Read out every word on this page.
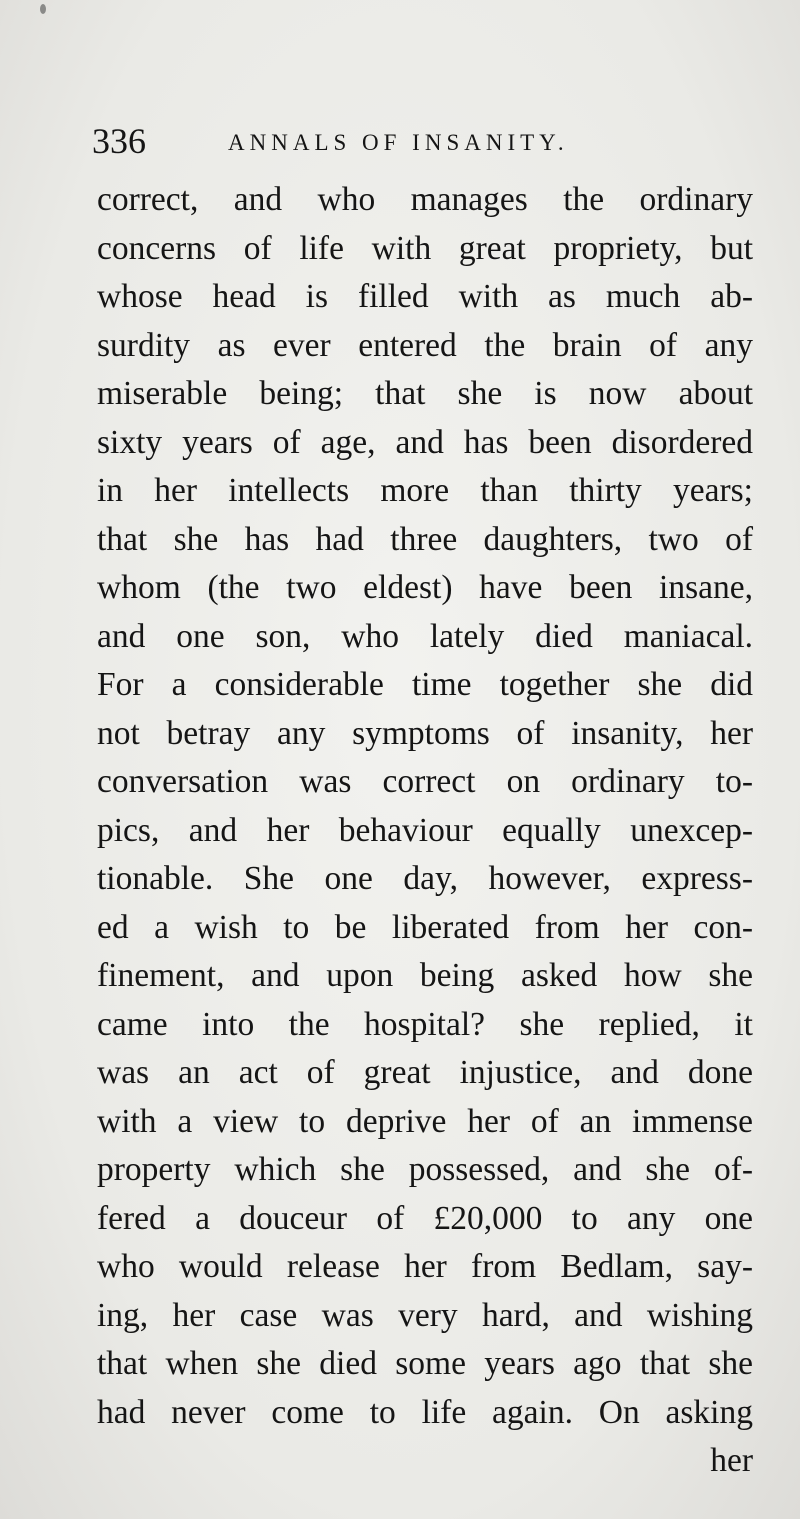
336	ANNALS OF INSANITY.
correct, and who manages the ordinary
concerns of life with great propriety, but
whose head is filled with as much ab-
surdity as ever entered the brain of any
miserable being; that she is now about
sixty years of age, and has been disordered
in her intellects more than thirty years;
that she has had three daughters, two of
whom (the two eldest) have been insane,
and one son, who lately died maniacal.
For a considerable time together she did
not betray any symptoms of insanity, her
conversation was correct on ordinary to-
pics, and her behaviour equally unexcep-
tionable. She one day, however, express-
ed a wish to be liberated from her con-
finement, and upon being asked how she
came into the hospital? she replied, it
was an act of great injustice, and done
with a view to deprive her of an immense
property which she possessed, and she of-
fered a douceur of £20,000 to any one
who would release her from Bedlam, say-
ing, her case was very hard, and wishing
that when she died some years ago that she
had never come to life again. On asking
her
